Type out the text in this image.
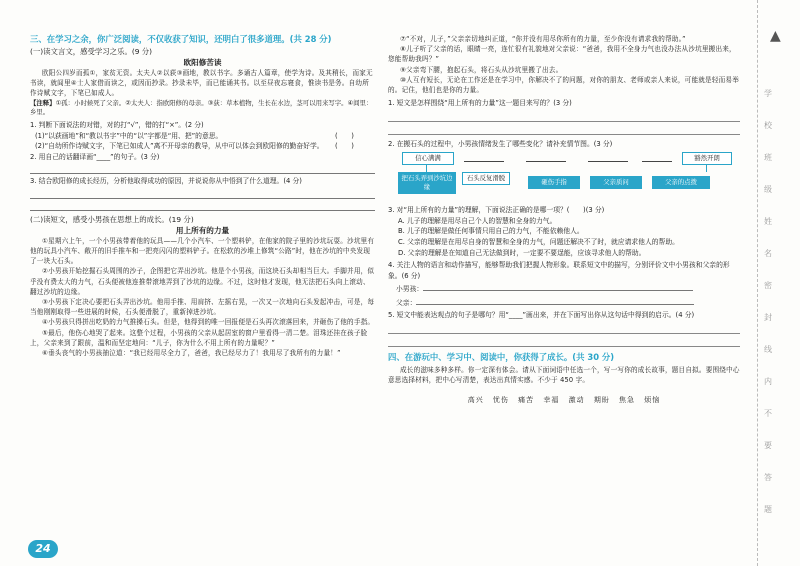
三、在学习之余，你广泛阅读，不仅收获了知识，还明白了很多道理。(共 28 分)
(一)读文言文，感受学习之乐。(9 分)
欧阳修苦读
欧阳公四岁而孤①，家贫无资。太夫人②以荻③画地，教以书字。多诵古人篇章，使学为诗。及其稍长，而家无书读，就闾里④士人家借而读之，或因而抄录。抄录未毕，而已能诵其书。以至昼夜忘寝食，惟读书是务。自幼所作诗赋文字，下笔已如成人。
【注释】①孤：小时候死了父亲。②太夫人：指欧阳修的母亲。③荻：草本植物，生长在水边，茎可以用来写字。④闾里：乡里。
1. 判断下面说法的对错，对的打“√”，错的打“×”。(2 分)
(　　)
(1)“以荻画地”和“教以书字”中的“以”字都是“用、把”的意思。
(　　)
(2)“自幼所作诗赋文字，下笔已如成人”离不开母亲的教导，从中可以体会到欧阳修的勤奋好学。
2. 用自己的话翻译画“____”的句子。(3 分)
3. 结合欧阳修的成长经历，分析他取得成功的原因，并说说你从中悟到了什么道理。(4 分)
(二)读短文，感受小男孩在思想上的成长。(19 分)
用上所有的力量
①星期六上午，一个小男孩带着他的玩具——几个小汽车、一个塑料铲，在他家的院子里的沙坑玩耍。沙坑里有他的玩具小汽车、敞开的旧手推车和一把亮闪闪的塑料铲子。在松软的沙堆上修筑“公路”时，他在沙坑的中央发现了一块大石头。
②小男孩开始挖掘石头周围的沙子，企图把它弄出沙坑。他是个小男孩，而这块石头却相当巨大。手脚并用，似乎没有费太大的力气，石头便被他连推带滚地弄到了沙坑的边缘。不过，这时他才发现，他无法把石头向上滚动、翻过沙坑的边缘。
③小男孩下定决心要把石头弄出沙坑。他用手推、用肩挤、左摇右晃，一次又一次地向石头发起冲击，可是，每当他刚刚取得一些进展的时候，石头便滑脱了，重新掉进沙坑。
④小男孩只得拼出吃奶的力气推搡石头。但是，他得到的唯一回报便是石头再次滚落回来，并砸伤了他的手指。
⑤最后，他伤心地哭了起来。这整个过程，小男孩的父亲从起居室的窗户里看得一清二楚。泪珠还挂在孩子脸上，父亲来到了跟前，温和而坚定地问：“儿子，你为什么不用上所有的力量呢？”
⑥垂头丧气的小男孩抽泣道：“我已经用尽全力了，爸爸，我已经尽力了！我用尽了我所有的力量！”
⑦“不对，儿子，”父亲亲切地纠正道，“你并没有用尽你所有的力量，至少你没有请求我的帮助。”
⑧儿子听了父亲的话，眼睛一亮，连忙很有礼貌地对父亲说：“爸爸，我用不全身力气也没办法从沙坑里搬出来，您能帮助我吗？”
⑨父亲弯下腰，抱起石头，将石头从沙坑里搬了出去。
⑩人互有短长，无论在工作还是在学习中，你解决不了的问题，对你的朋友、老师或亲人来说，可能就是轻而易举的。记住，他们也是你的力量。
1. 短文是怎样围绕“用上所有的力量”这一题目来写的？(3 分)
2. 在搬石头的过程中，小男孩情绪发生了哪些变化？请补充情节图。(3 分)
信心满满	豁然开朗
把石头弄到沙坑边缘
石头反复滑脱	砸伤手指	父亲质问	父亲的点拨
3. 对“用上所有的力量”的理解，下面说法正确的是哪一项？(　　)(3 分)
A. 儿子的理解是用尽自己个人的智慧和全身的力气。
B. 儿子的理解是做任何事情只用自己的力气，不能依赖他人。
C. 父亲的理解是在用尽自身的智慧和全身的力气，问题还解决不了时，就应请求他人的帮助。
D. 父亲的理解是在知道自己无法做到时，一定要不要逞能，应该寻求他人的帮助。
4. 关注人物的语言和动作描写，能够帮助我们把握人物形象。联系短文中的描写，分别评价文中小男孩和父亲的形象。(6 分)
小男孩：
父亲：
5. 短文中能表达观点的句子是哪句？用“____”画出来，并在下面写出你从这句话中得到的启示。(4 分)
四、在游玩中、学习中、阅读中，你获得了成长。(共 30 分)
成长的滋味多种多样。你一定深有体会。请从下面词语中任选一个，写一写你的成长故事，题目自拟。要围绕中心意思选择材料，把中心写清楚，表达出真情实感。不少于 450 字。
高兴 忧伤 痛苦 幸福 激动 期盼 焦急 烦恼
学
校
班
级
姓
名
密
封
线
内
不
要
答
题
▲
24
